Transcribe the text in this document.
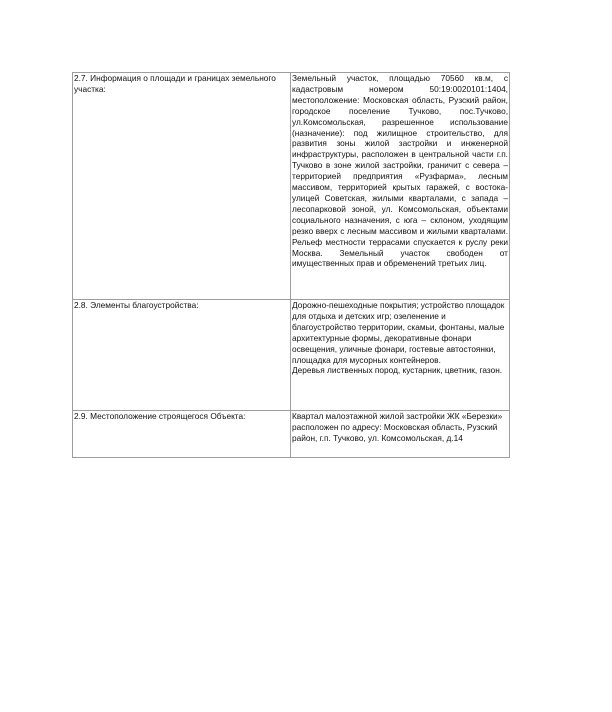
2.7. Информация о площади и границах земельного участка:	Земельный участок, площадью 70560 кв.м, с кадастровым номером 50:19:0020101:1404, местоположение: Московская область, Рузский район, городское поселение Тучково, пос.Тучково, ул.Комсомольская, разрешенное использование (назначение): под жилищное строительство, для развития зоны жилой застройки и инженерной инфраструктуры, расположен в центральной части г.п. Тучково в зоне жилой застройки, граничит с севера – территорией предприятия «Рузфарма», лесным массивом, территорией крытых гаражей, с востока- улицей Советская, жилыми кварталами, с запада – лесопарковой зоной, ул. Комсомольская, объектами социального назначения, с юга – склоном, уходящим резко вверх с лесным массивом и жилыми кварталами. Рельеф местности террасами спускается к руслу реки Москва. Земельный участок свободен от имущественных прав и обременений третьих лиц.

2.8. Элементы благоустройства:	Дорожно-пешеходные покрытия; устройство площадок для отдыха и детских игр; озеленение и благоустройство территории, скамьи, фонтаны, малые архитектурные формы, декоративные фонари освещения, уличные фонари, гостевые автостоянки, площадка для мусорных контейнеров.

Деревья лиственных пород, кустарник, цветник, газон.

2.9. Местоположение строящегося Объекта:	Квартал малоэтажной жилой застройки ЖК «Березки» расположен по адресу: Московская область, Рузский район, г.п. Тучково, ул. Комсомольская, д.14
